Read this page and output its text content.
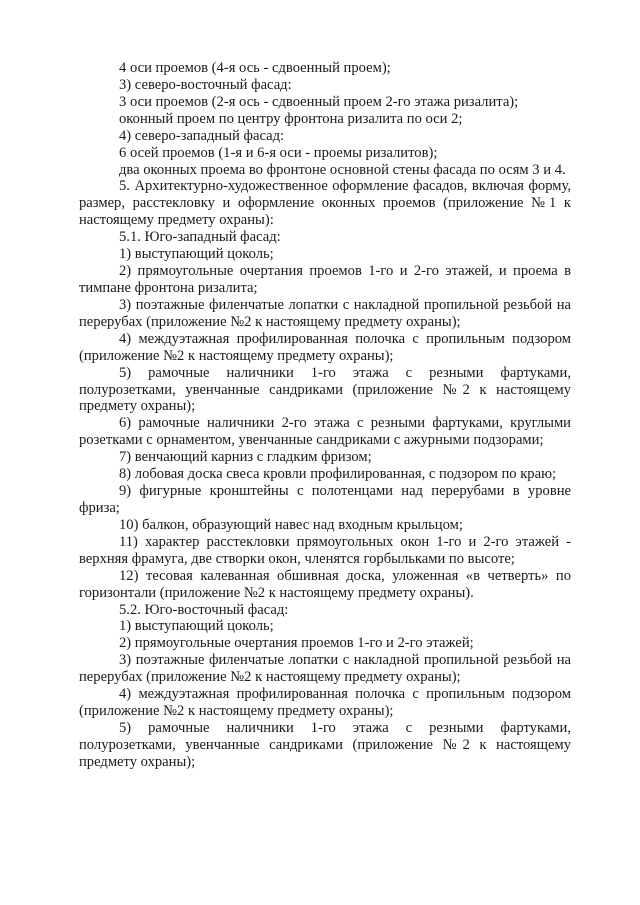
4 оси проемов (4-я ось - сдвоенный проем);

3) северо-восточный фасад:

3 оси проемов (2-я ось - сдвоенный проем 2-го этажа ризалита);

оконный проем по центру фронтона ризалита по оси 2;

4) северо-западный фасад:

6 осей проемов (1-я и 6-я оси - проемы ризалитов);

два оконных проема во фронтоне основной стены фасада по осям 3 и 4.

5. Архитектурно-художественное оформление фасадов, включая форму, размер, расстекловку и оформление оконных проемов (приложение №1 к настоящему предмету охраны):

5.1. Юго-западный фасад:

1) выступающий цоколь;

2) прямоугольные очертания проемов 1-го и 2-го этажей, и проема в тимпане фронтона ризалита;

3) поэтажные филенчатые лопатки с накладной пропильной резьбой на перерубах (приложение №2 к настоящему предмету охраны);

4) междуэтажная профилированная полочка с пропильным подзором (приложение №2 к настоящему предмету охраны);

5) рамочные наличники 1-го этажа с резными фартуками, полурозетками, увенчанные сандриками (приложение №2 к настоящему предмету охраны);

6) рамочные наличники 2-го этажа с резными фартуками, круглыми розетками с орнаментом, увенчанные сандриками с ажурными подзорами;

7) венчающий карниз с гладким фризом;

8) лобовая доска свеса кровли профилированная, с подзором по краю;

9) фигурные кронштейны с полотенцами над перерубами в уровне фриза;

10) балкон, образующий навес над входным крыльцом;

11) характер расстекловки прямоугольных окон 1-го и 2-го этажей - верхняя фрамуга, две створки окон, членятся горбыльками по высоте;

12) тесовая калеванная обшивная доска, уложенная «в четверть» по горизонтали (приложение №2 к настоящему предмету охраны).

5.2. Юго-восточный фасад:

1) выступающий цоколь;

2) прямоугольные очертания проемов 1-го и 2-го этажей;

3) поэтажные филенчатые лопатки с накладной пропильной резьбой на перерубах (приложение №2 к настоящему предмету охраны);

4) междуэтажная профилированная полочка с пропильным подзором (приложение №2 к настоящему предмету охраны);

5) рамочные наличники 1-го этажа с резными фартуками, полурозетками, увенчанные сандриками (приложение №2 к настоящему предмету охраны);
